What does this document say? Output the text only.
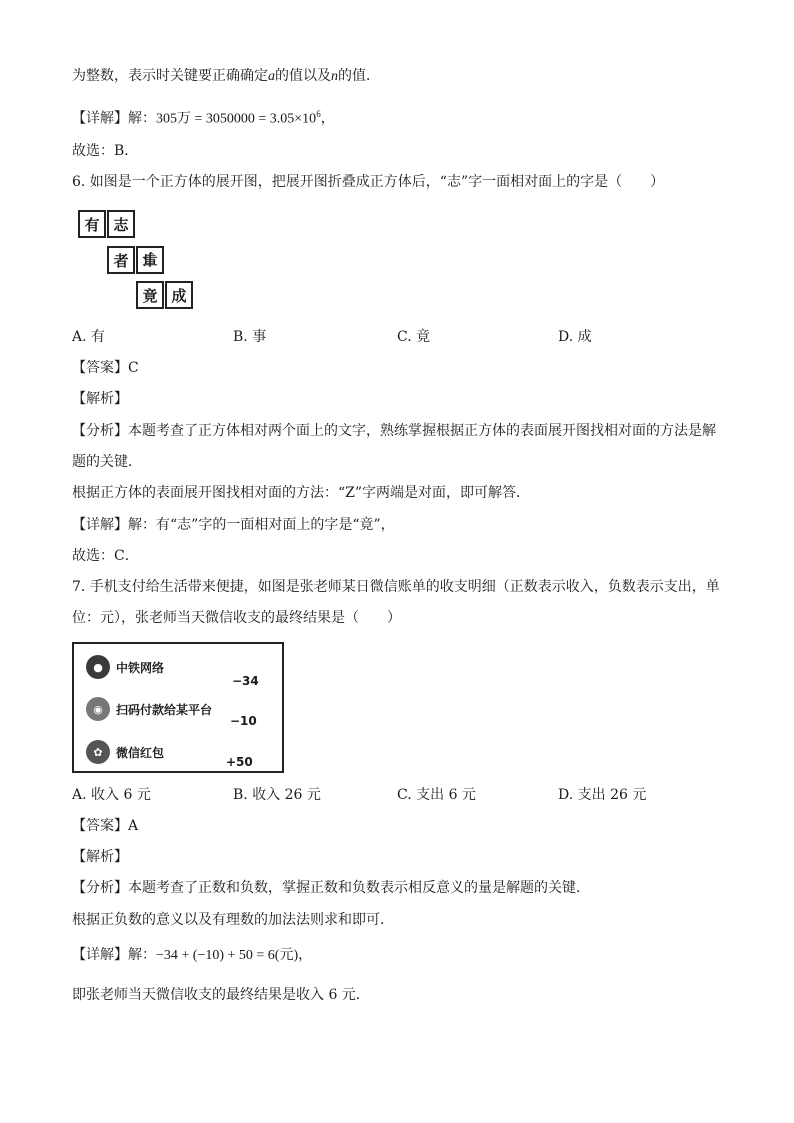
为整数，表示时关键要正确确定a的值以及n的值．
【详解】解：305万 = $3050000 = 3.05\times 10^6$，
故选：B．
6. 如图是一个正方体的展开图，把展开图折叠成正方体后，“志”字一面相对面上的字是（　　）
有 志
者 事
竟 成
A. 有	B. 事	C. 竟	D. 成
【答案】C
【解析】
【分析】本题考查了正方体相对两个面上的文字，熟练掌握根据正方体的表面展开图找相对面的方法是解
题的关键．
根据正方体的表面展开图找相对面的方法：“Z”字两端是对面，即可解答．
【详解】解：有“志”字的一面相对面上的字是“竟”，
故选：C．
7. 手机支付给生活带来便捷，如图是张老师某日微信账单的收支明细（正数表示收入，负数表示支出，单
位：元），张老师当天微信收支的最终结果是（　　）
●	中铁网络
−34
◉	扫码付款给某平台
−10
✿	微信红包
+50
A. 收入 6 元	B. 收入 26 元	C. 支出 6 元	D. 支出 26 元
【答案】A
【解析】
【分析】本题考查了正数和负数，掌握正数和负数表示相反意义的量是解题的关键．
根据正负数的意义以及有理数的加法法则求和即可．
【详解】解：−34 + (−10) + 50 = 6(元)，
即张老师当天微信收支的最终结果是收入 6 元．
